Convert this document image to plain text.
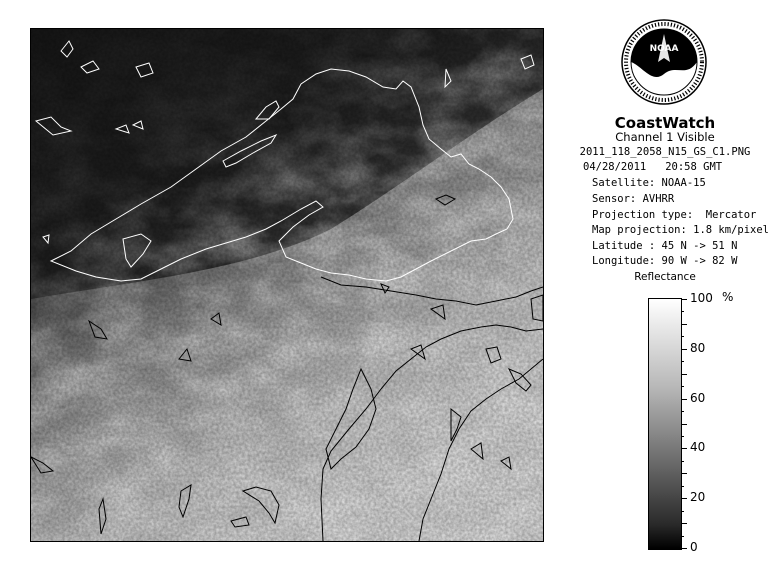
NOAA
CoastWatch
Channel 1 Visible
2011_118_2058_N15_GS_C1.PNG
04/28/2011 20:58 GMT
Satellite: NOAA-15
Sensor: AVHRR
Projection type:  Mercator
Map projection: 1.8 km/pixel
Latitude : 45 N -> 51 N
Longitude: 90 W -> 82 W
Reflectance
%
100
80
60
40
20
0
